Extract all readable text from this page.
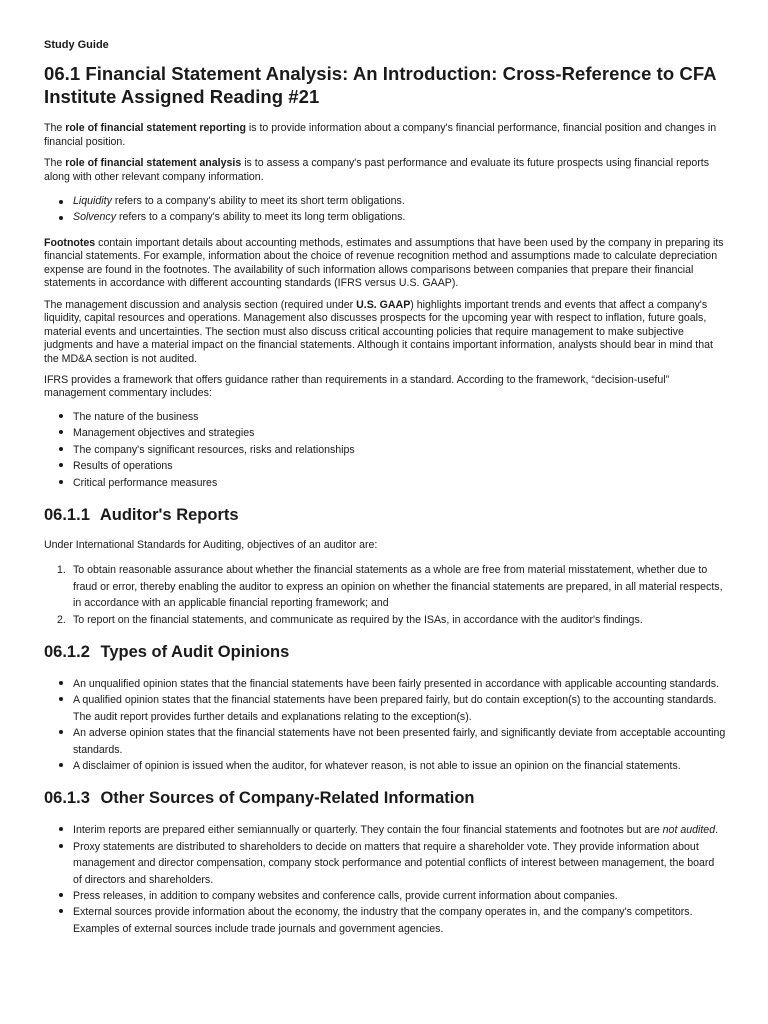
Study Guide
06.1 Financial Statement Analysis: An Introduction: Cross-Reference to CFA Institute Assigned Reading #21

The role of financial statement reporting is to provide information about a company's financial performance, financial position and changes in financial position.

The role of financial statement analysis is to assess a company's past performance and evaluate its future prospects using financial reports along with other relevant company information.

Liquidity refers to a company's ability to meet its short term obligations.
Solvency refers to a company's ability to meet its long term obligations.

Footnotes contain important details about accounting methods, estimates and assumptions that have been used by the company in preparing its financial statements. For example, information about the choice of revenue recognition method and assumptions made to calculate depreciation expense are found in the footnotes. The availability of such information allows comparisons between companies that prepare their financial statements in accordance with different accounting standards (IFRS versus U.S. GAAP).

The management discussion and analysis section (required under U.S. GAAP) highlights important trends and events that affect a company's liquidity, capital resources and operations. Management also discusses prospects for the upcoming year with respect to inflation, future goals, material events and uncertainties. The section must also discuss critical accounting policies that require management to make subjective judgments and have a material impact on the financial statements. Although it contains important information, analysts should bear in mind that the MD&A section is not audited.

IFRS provides a framework that offers guidance rather than requirements in a standard. According to the framework, “decision-useful” management commentary includes:

The nature of the business
Management objectives and strategies
The company's significant resources, risks and relationships
Results of operations
Critical performance measures
06.1.1 Auditor's Reports

Under International Standards for Auditing, objectives of an auditor are:

1. To obtain reasonable assurance about whether the financial statements as a whole are free from material misstatement, whether due to fraud or error, thereby enabling the auditor to express an opinion on whether the financial statements are prepared, in all material respects, in accordance with an applicable financial reporting framework; and
2. To report on the financial statements, and communicate as required by the ISAs, in accordance with the auditor's findings.
06.1.2 Types of Audit Opinions
An unqualified opinion states that the financial statements have been fairly presented in accordance with applicable accounting standards.
A qualified opinion states that the financial statements have been prepared fairly, but do contain exception(s) to the accounting standards. The audit report provides further details and explanations relating to the exception(s).
An adverse opinion states that the financial statements have not been presented fairly, and significantly deviate from acceptable accounting standards.
A disclaimer of opinion is issued when the auditor, for whatever reason, is not able to issue an opinion on the financial statements.
06.1.3 Other Sources of Company-Related Information
Interim reports are prepared either semiannually or quarterly. They contain the four financial statements and footnotes but are not audited.
Proxy statements are distributed to shareholders to decide on matters that require a shareholder vote. They provide information about management and director compensation, company stock performance and potential conflicts of interest between management, the board of directors and shareholders.
Press releases, in addition to company websites and conference calls, provide current information about companies.
External sources provide information about the economy, the industry that the company operates in, and the company's competitors. Examples of external sources include trade journals and government agencies.
